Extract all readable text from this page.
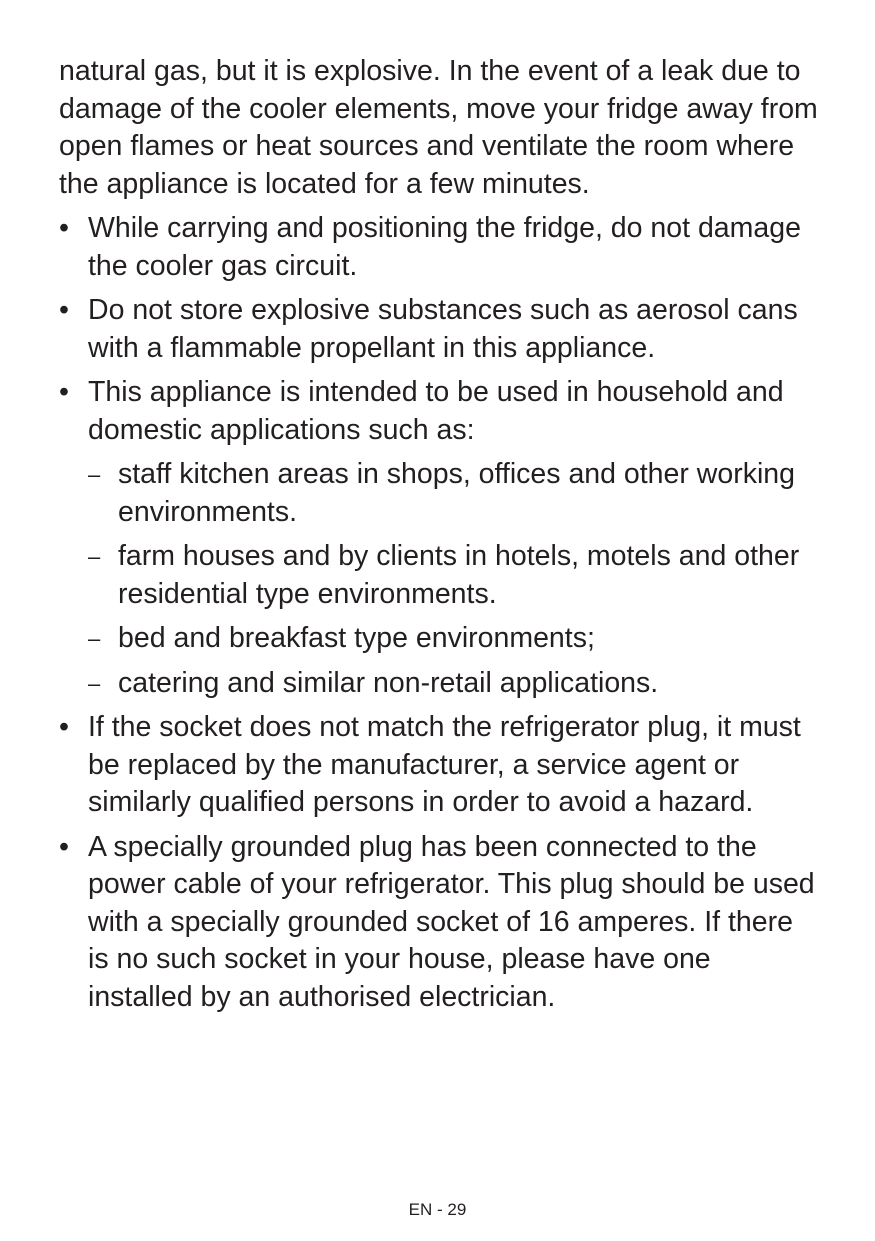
natural gas, but it is explosive. In the event of a leak due to damage of the cooler elements, move your fridge away from open flames or heat sources and ventilate the room where the appliance is located for a few minutes.

• While carrying and positioning the fridge, do not damage the cooler gas circuit.
• Do not store explosive substances such as aerosol cans with a flammable propellant in this appliance.
• This appliance is intended to be used in household and domestic applications such as:
– staff kitchen areas in shops, offices and other working environments.
– farm houses and by clients in hotels, motels and other residential type environments.
– bed and breakfast type environments;
– catering and similar non-retail applications.
• If the socket does not match the refrigerator plug, it must be replaced by the manufacturer, a service agent or similarly qualified persons in order to avoid a hazard.
• A specially grounded plug has been connected to the power cable of your refrigerator. This plug should be used with a specially grounded socket of 16 amperes. If there is no such socket in your house, please have one installed by an authorised electrician.
EN - 29
